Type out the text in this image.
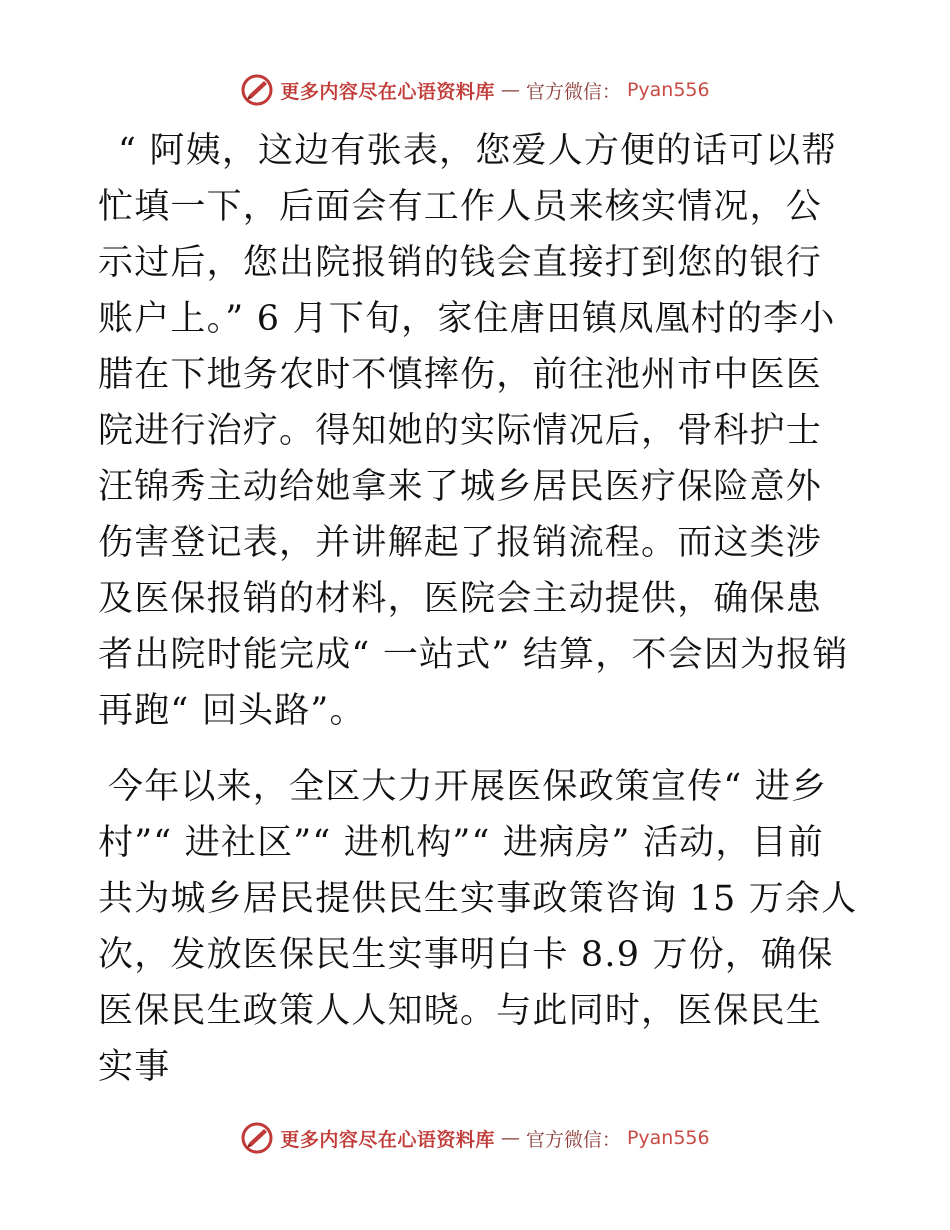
更多内容尽在心语资料库 — 官方微信： Pyan556

“ 阿姨，这边有张表，您爱人方便的话可以帮忙填一下，后面会有工作人员来核实情况，公示过后，您出院报销的钱会直接打到您的银行账户上。” 6 月下旬，家住唐田镇凤凰村的李小腊在下地务农时不慎摔伤，前往池州市中医医院进行治疗。得知她的实际情况后，骨科护士汪锦秀主动给她拿来了城乡居民医疗保险意外伤害登记表，并讲解起了报销流程。而这类涉及医保报销的材料，医院会主动提供，确保患者出院时能完成“ 一站式” 结算，不会因为报销再跑“ 回头路”。

今年以来，全区大力开展医保政策宣传“ 进乡村”“ 进社区”“ 进机构”“ 进病房” 活动，目前共为城乡居民提供民生实事政策咨询 15 万余人次，发放医保民生实事明白卡 8.9 万份，确保医保民生政策人人知晓。与此同时，医保民生实事

更多内容尽在心语资料库 — 官方微信： Pyan556
